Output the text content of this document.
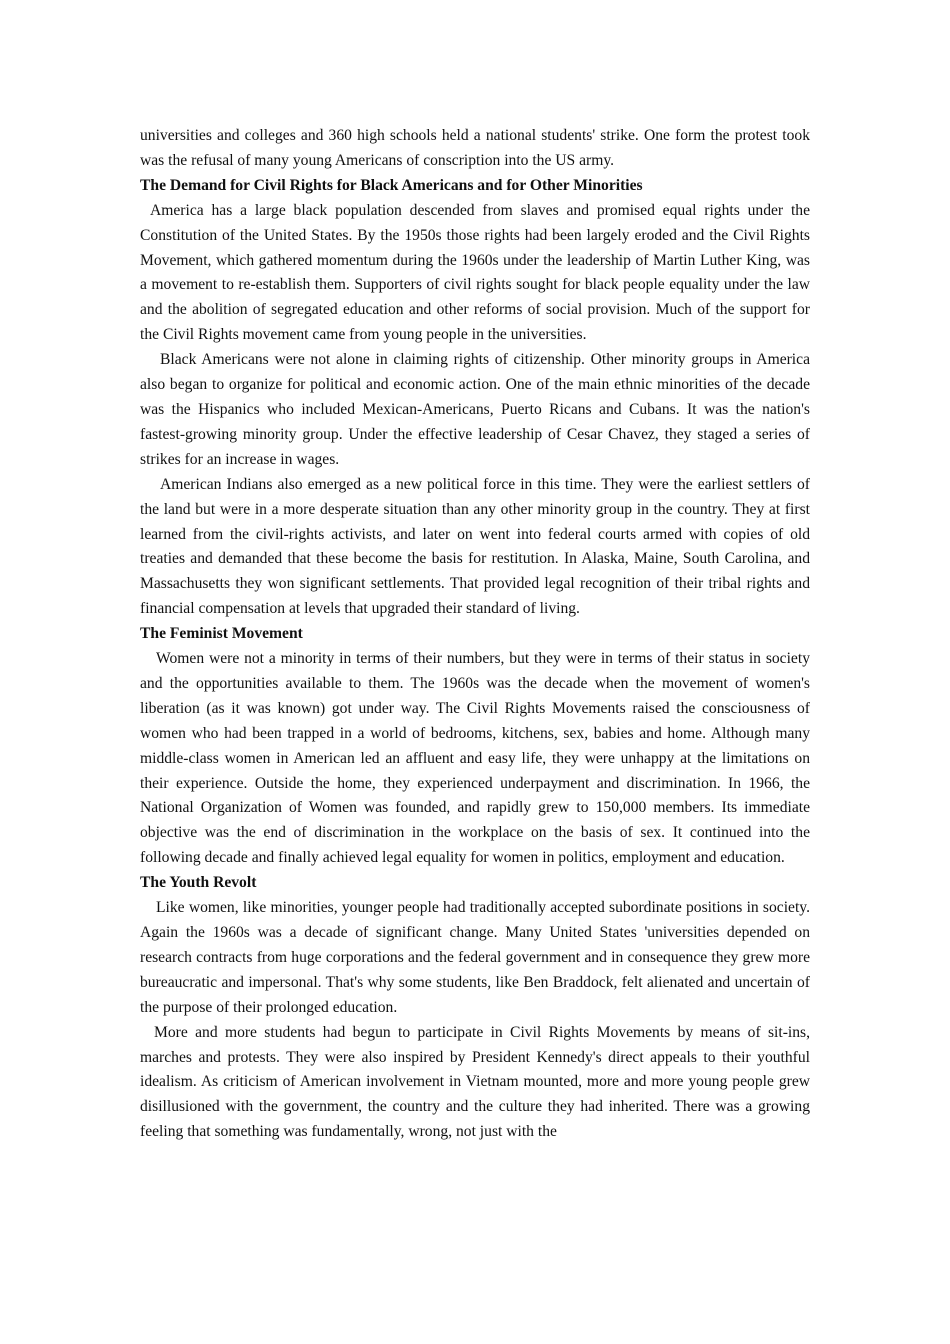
universities and colleges and 360 high schools held a national students' strike. One form the protest took was the refusal of many young Americans of conscription into the US army.

The Demand for Civil Rights for Black Americans and for Other Minorities

America has a large black population descended from slaves and promised equal rights under the Constitution of the United States. By the 1950s those rights had been largely eroded and the Civil Rights Movement, which gathered momentum during the 1960s under the leadership of Martin Luther King, was a movement to re-establish them. Supporters of civil rights sought for black people equality under the law and the abolition of segregated education and other reforms of social provision. Much of the support for the Civil Rights movement came from young people in the universities.

Black Americans were not alone in claiming rights of citizenship. Other minority groups in America also began to organize for political and economic action. One of the main ethnic minorities of the decade was the Hispanics who included Mexican-Americans, Puerto Ricans and Cubans. It was the nation's fastest-growing minority group. Under the effective leadership of Cesar Chavez, they staged a series of strikes for an increase in wages.

American Indians also emerged as a new political force in this time. They were the earliest settlers of the land but were in a more desperate situation than any other minority group in the country. They at first learned from the civil-rights activists, and later on went into federal courts armed with copies of old treaties and demanded that these become the basis for restitution. In Alaska, Maine, South Carolina, and Massachusetts they won significant settlements. That provided legal recognition of their tribal rights and financial compensation at levels that upgraded their standard of living.

The Feminist Movement

Women were not a minority in terms of their numbers, but they were in terms of their status in society and the opportunities available to them. The 1960s was the decade when the movement of women's liberation (as it was known) got under way. The Civil Rights Movements raised the consciousness of women who had been trapped in a world of bedrooms, kitchens, sex, babies and home. Although many middle-class women in American led an affluent and easy life, they were unhappy at the limitations on their experience. Outside the home, they experienced underpayment and discrimination. In 1966, the National Organization of Women was founded, and rapidly grew to 150,000 members. Its immediate objective was the end of discrimination in the workplace on the basis of sex. It continued into the following decade and finally achieved legal equality for women in politics, employment and education.

The Youth Revolt

Like women, like minorities, younger people had traditionally accepted subordinate positions in society. Again the 1960s was a decade of significant change. Many United States 'universities depended on research contracts from huge corporations and the federal government and in consequence they grew more bureaucratic and impersonal. That's why some students, like Ben Braddock, felt alienated and uncertain of the purpose of their prolonged education.

More and more students had begun to participate in Civil Rights Movements by means of sit-ins, marches and protests. They were also inspired by President Kennedy's direct appeals to their youthful idealism. As criticism of American involvement in Vietnam mounted, more and more young people grew disillusioned with the government, the country and the culture they had inherited. There was a growing feeling that something was fundamentally, wrong, not just with the
